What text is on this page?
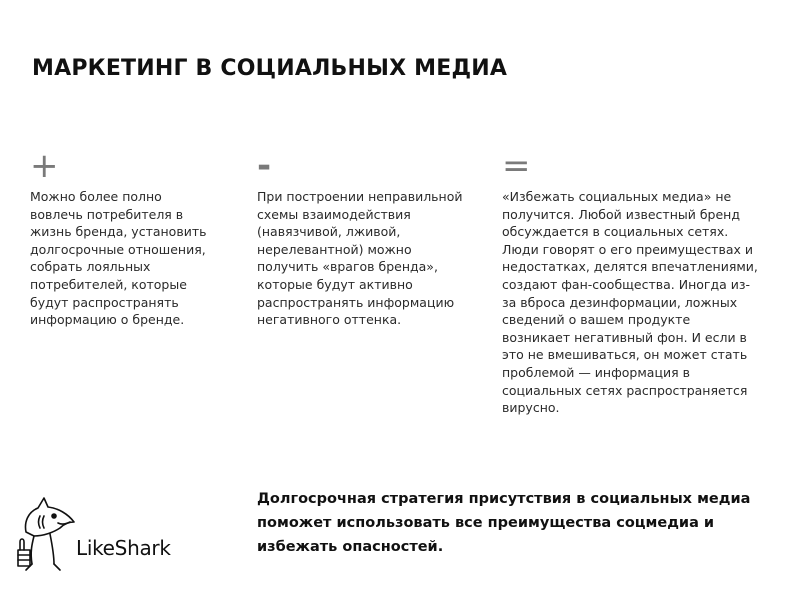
МАРКЕТИНГ В СОЦИАЛЬНЫХ МЕДИА
+

Можно более полно вовлечь потребителя в жизнь бренда, установить долгосрочные отношения, собрать лояльных потребителей, которые будут распространять информацию о бренде.

-

При построении неправильной схемы взаимодействия (навязчивой, лживой, нерелевантной) можно получить «врагов бренда», которые будут активно распространять информацию негативного оттенка.

=

«Избежать социальных медиа» не получится. Любой известный бренд обсуждается в социальных сетях. Люди говорят о его преимуществах и недостатках, делятся впечатлениями, создают фан-сообщества. Иногда из-за вброса дезинформации, ложных сведений о вашем продукте возникает негативный фон. И если в это не вмешиваться, он может стать проблемой — информация в социальных сетях распространяется вирусно.

Долгосрочная стратегия присутствия в социальных медиа поможет использовать все преимущества соцмедиа и избежать опасностей.

LikeShark
